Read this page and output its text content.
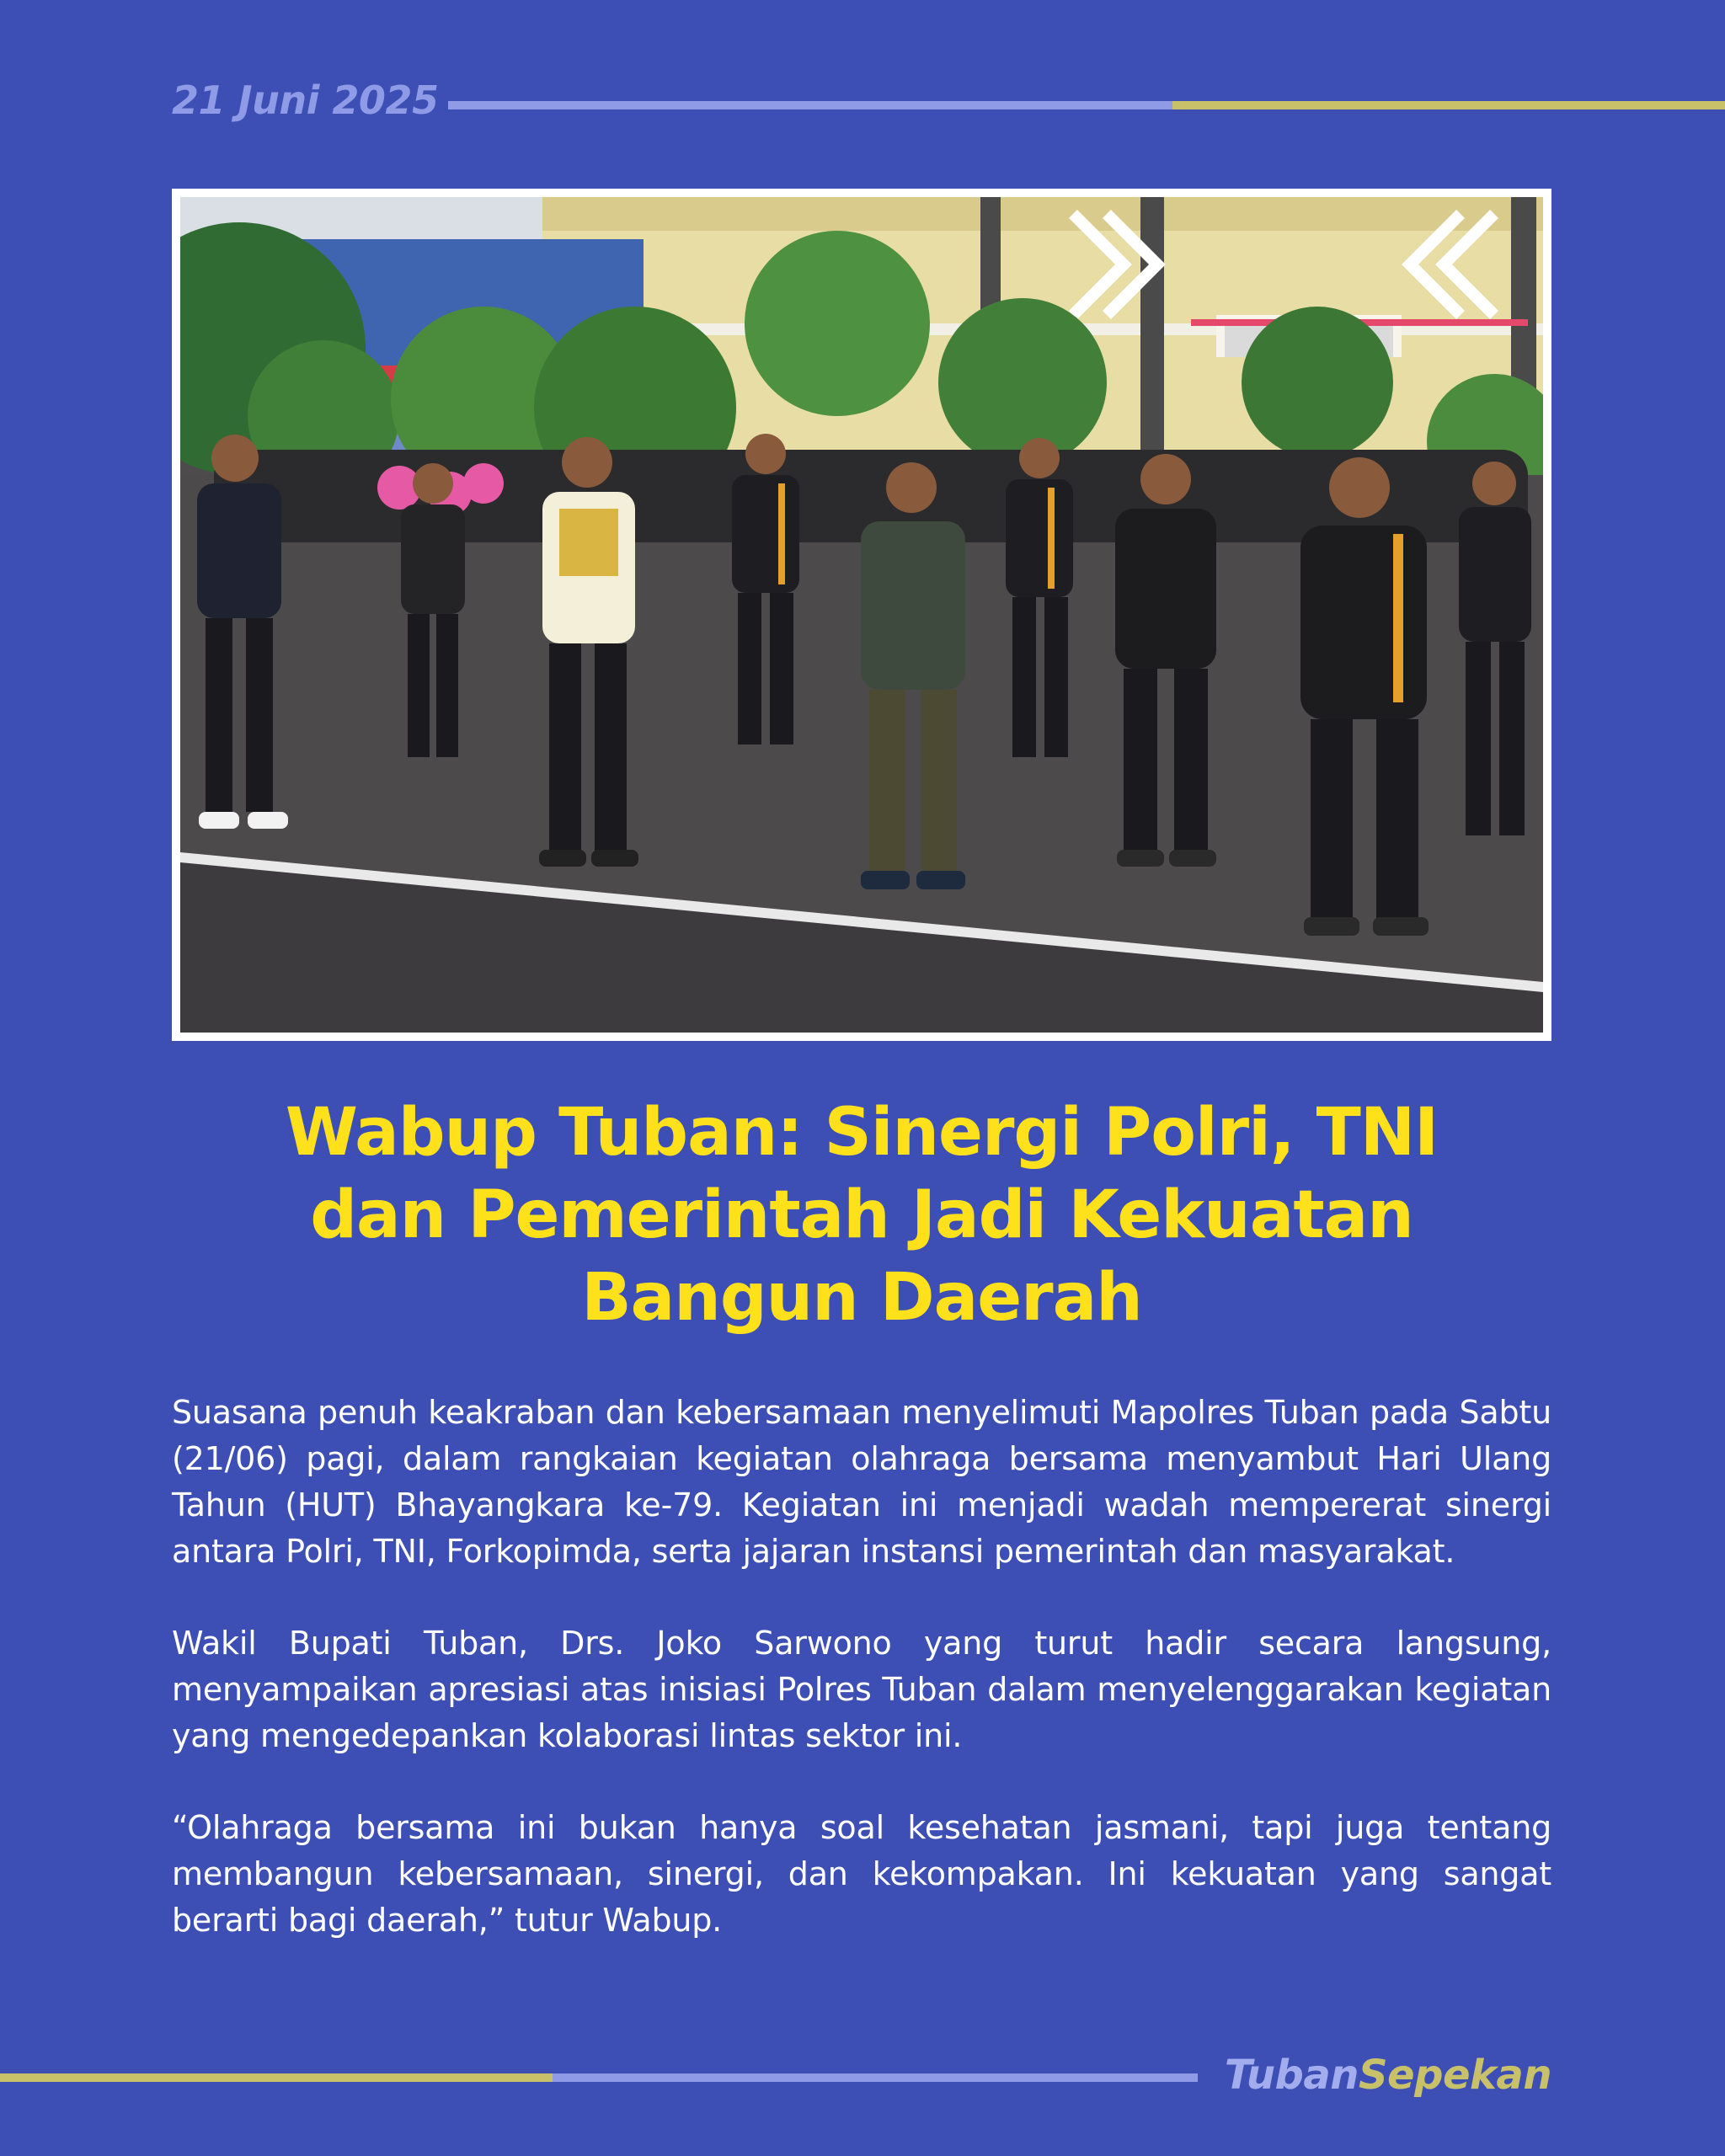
21 Juni 2025
Wabup Tuban: Sinergi Polri, TNI
dan Pemerintah Jadi Kekuatan
Bangun Daerah

Suasana penuh keakraban dan kebersamaan menyelimuti Mapolres Tuban pada Sabtu (21/06) pagi, dalam rangkaian kegiatan olahraga bersama menyambut Hari Ulang Tahun (HUT) Bhayangkara ke-79. Kegiatan ini menjadi wadah mempererat sinergi antara Polri, TNI, Forkopimda, serta jajaran instansi pemerintah dan masyarakat.

Wakil Bupati Tuban, Drs. Joko Sarwono yang turut hadir secara langsung, menyampaikan apresiasi atas inisiasi Polres Tuban dalam menyelenggarakan kegiatan yang mengedepankan kolaborasi lintas sektor ini.

“Olahraga bersama ini bukan hanya soal kesehatan jasmani, tapi juga tentang membangun kebersamaan, sinergi, dan kekompakan. Ini kekuatan yang sangat berarti bagi daerah,” tutur Wabup.

TubanSepekan
